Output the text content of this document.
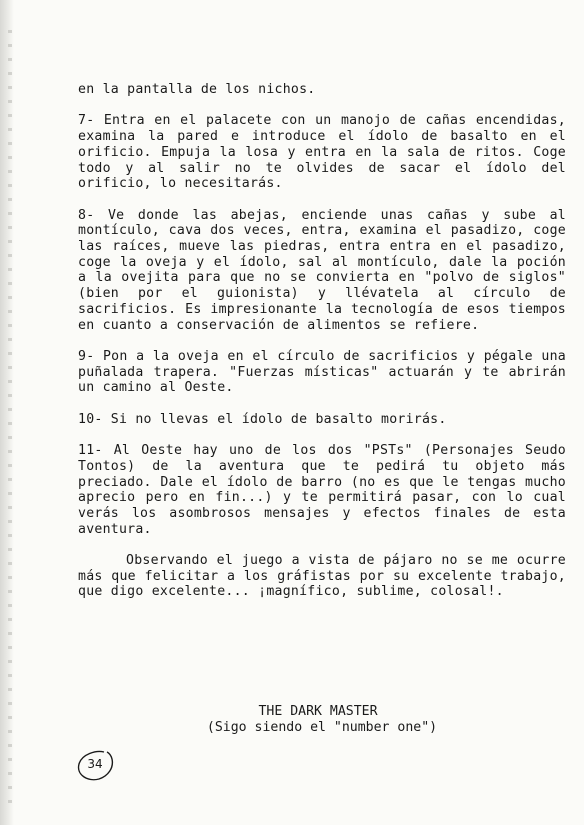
en la pantalla de los nichos.

7- Entra en el palacete con un manojo de cañas encendidas, examina la pared e introduce el ídolo de basalto en el orificio. Empuja la losa y entra en la sala de ritos. Coge todo y al salir no te olvides de sacar el ídolo del orificio, lo necesitarás.

8- Ve donde las abejas, enciende unas cañas y sube al montículo, cava dos veces, entra, examina el pasadizo, coge las raíces, mueve las piedras, entra entra en el pasadizo, coge la oveja y el ídolo, sal al montículo, dale la poción a la ovejita para que no se convierta en "polvo de siglos" (bien por el guionista) y llévatela al círculo de sacrificios. Es impresionante la tecnología de esos tiempos en cuanto a conservación de alimentos se refiere.

9- Pon a la oveja en el círculo de sacrificios y pégale una puñalada trapera. "Fuerzas místicas" actuarán y te abrirán un camino al Oeste.

10- Si no llevas el ídolo de basalto morirás.

11- Al Oeste hay uno de los dos "PSTs" (Personajes Seudo Tontos) de la aventura que te pedirá tu objeto más preciado. Dale el ídolo de barro (no es que le tengas mucho aprecio pero en fin...) y te permitirá pasar, con lo cual verás los asombrosos mensajes y efectos finales de esta aventura.

Observando el juego a vista de pájaro no se me ocurre más que felicitar a los gráfistas por su excelente trabajo, que digo excelente... ¡magnífico, sublime, colosal!.

THE DARK MASTER
(Sigo siendo el "number one")
34
